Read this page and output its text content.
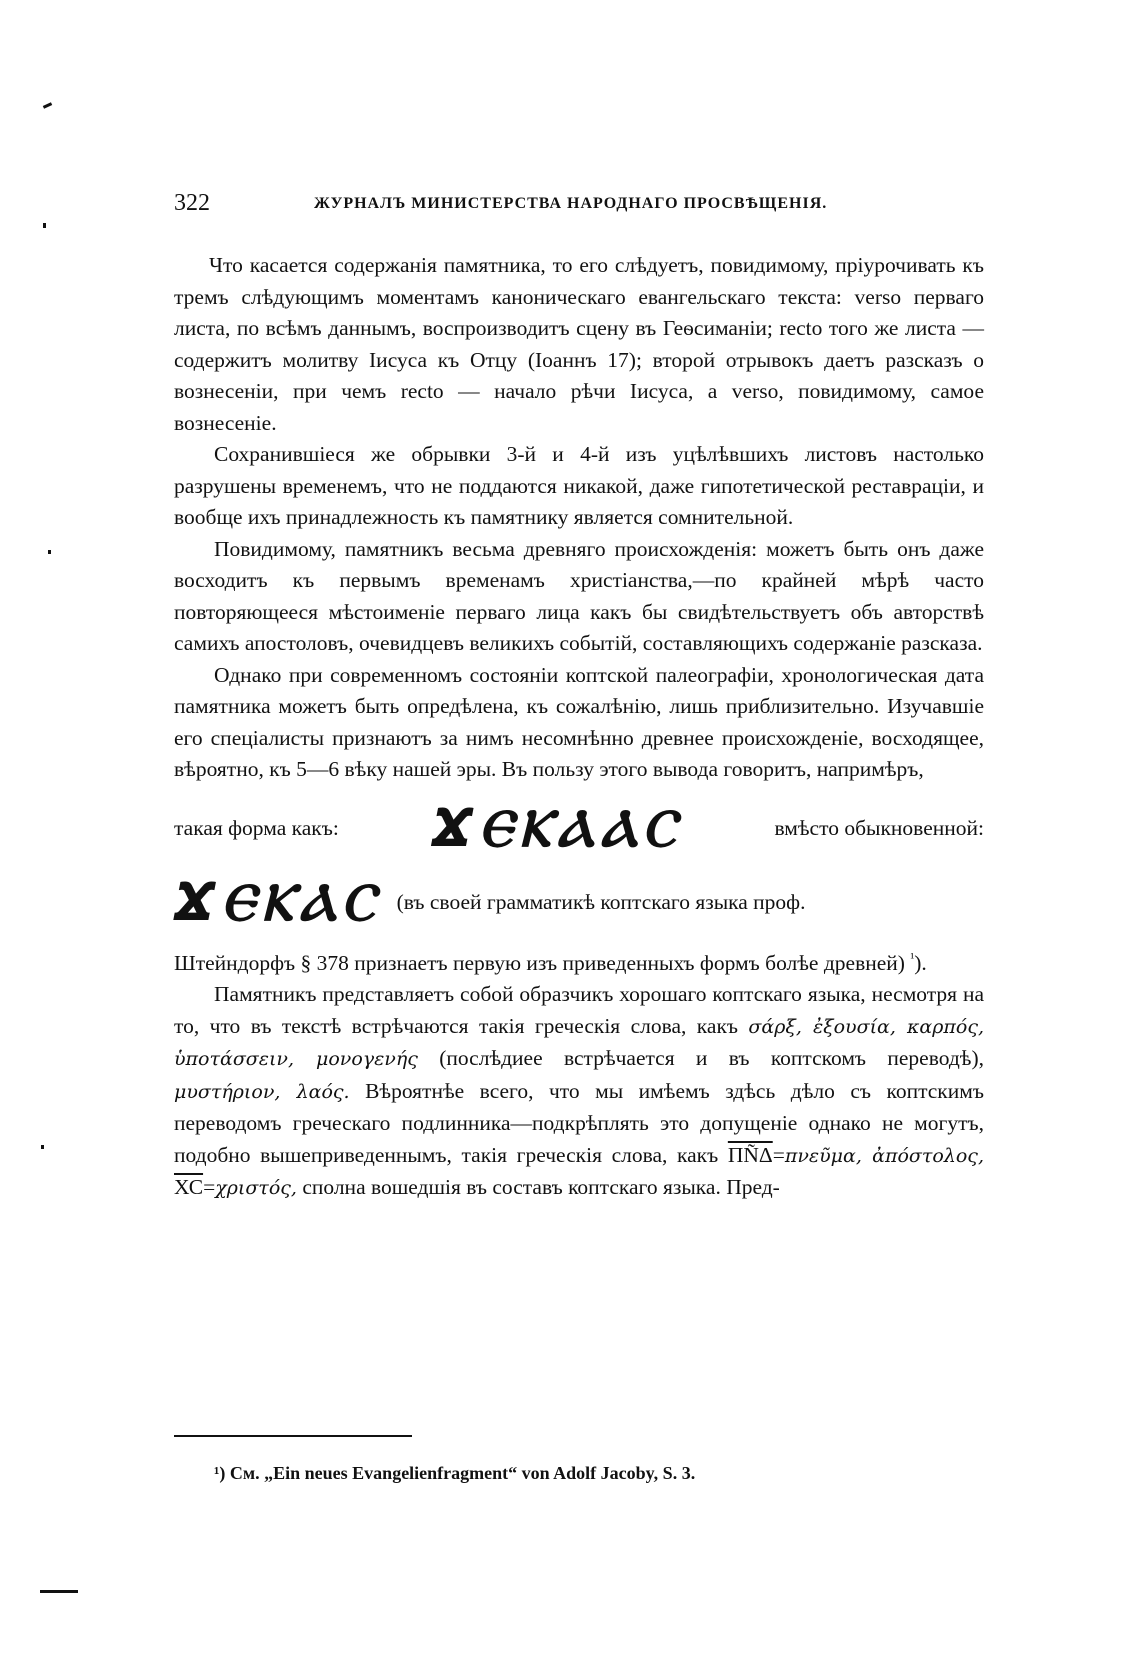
322	ЖУРНАЛЪ МИНИСТЕРСТВА НАРОДНАГО ПРОСВѢЩЕНІЯ.

Что касается содержанія памятника, то его слѣдуетъ, повидимому, пріурочивать къ тремъ слѣдующимъ моментамъ каноническаго евангельскаго текста: verso перваго листа, по всѣмъ даннымъ, воспроизводитъ сцену въ Геѳсиманіи; recto того же листа — содержитъ молитву Іисуса къ Отцу (Іоаннъ 17); второй отрывокъ даетъ разсказъ о вознесеніи, при чемъ recto — начало рѣчи Іисуса, а verso, повидимому, самое вознесеніе.

Сохранившіеся же обрывки 3-й и 4-й изъ уцѣлѣвшихъ листовъ настолько разрушены временемъ, что не поддаются никакой, даже гипотетической реставраціи, и вообще ихъ принадлежность къ памятнику является сомнительной.

Повидимому, памятникъ весьма древняго происхожденія: можетъ быть онъ даже восходитъ къ первымъ временамъ христіанства,—по крайней мѣрѣ часто повторяющееся мѣстоименіе перваго лица какъ бы свидѣтельствуетъ объ авторствѣ самихъ апостоловъ, очевидцевъ великихъ событій, составляющихъ содержаніе разсказа.

Однако при современномъ состояніи коптской палеографіи, хронологическая дата памятника можетъ быть опредѣлена, къ сожалѣнію, лишь приблизительно. Изучавшіе его спеціалисты признаютъ за нимъ несомнѣнно древнее происхожденіе, восходящее, вѣроятно, къ 5—6 вѣку нашей эры. Въ пользу этого вывода говоритъ, напримѣръ,

такая форма какъ: ϪⲈⲔⲀⲀⲤ	вмѣсто обыкновенной:
ϪⲈⲔⲀⲤ (въ своей грамматикѣ коптскаго языка проф.
Штейндорфъ § 378 признаетъ первую изъ приведенныхъ формъ болѣе древней) $^{^1}$).

Памятникъ представляетъ собой образчикъ хорошаго коптскаго языка, несмотря на то, что въ текстѣ встрѣчаются такія греческія слова, какъ σάρξ, ἐξουσία, καρπός, ὑποτάσσειν, μονογενής (послѣдиее встрѣчается и въ коптскомъ переводѣ), μυστήριον, λαός. Вѣроятнѣе всего, что мы имѣемъ здѣсь дѣло съ коптскимъ переводомъ греческаго подлинника—подкрѣплять это допущеніе однако не могутъ, подобно вышеприведеннымъ, такія греческія слова, какъ ПÑΔ=πνεῦμα, ἀπόστολος, ХС=χριστός, сполна вошедшія въ составъ коптскаго языка. Пред-

¹) См. „Ein neues Evangelienfragment“ von Adolf Jacoby, S. 3.
